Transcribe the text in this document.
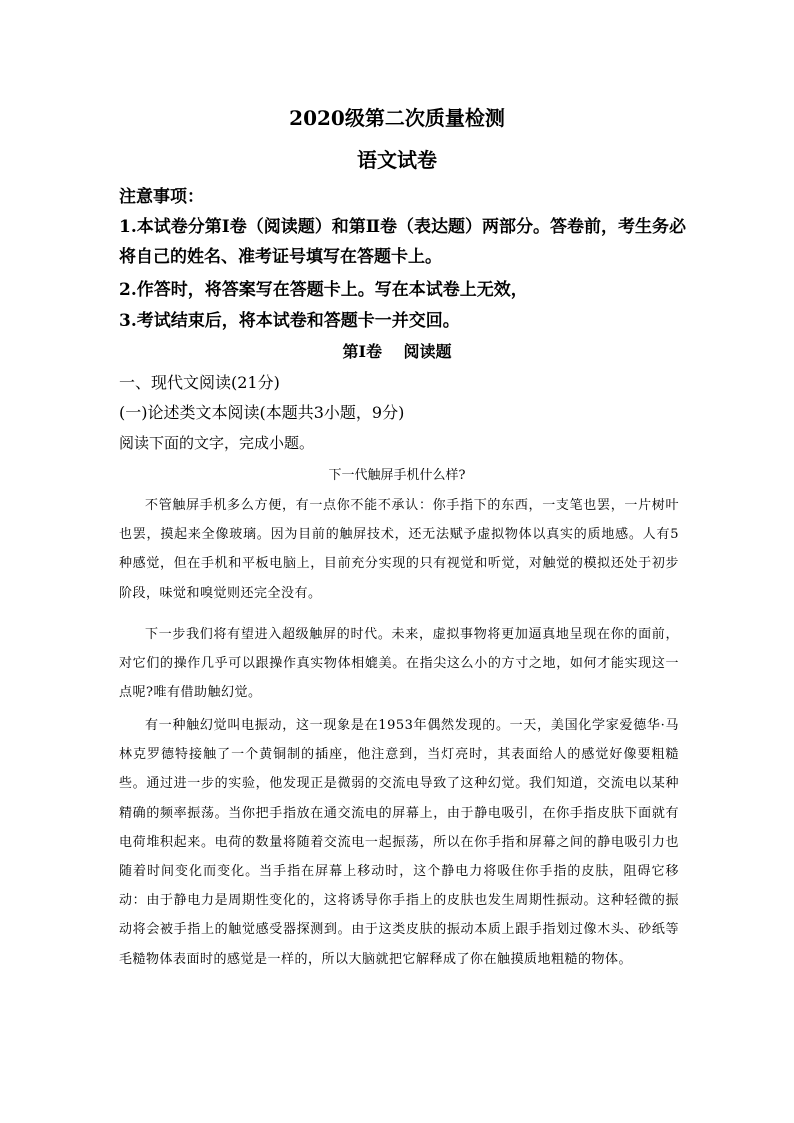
2020级第二次质量检测
语文试卷
注意事项：
1.本试卷分第Ⅰ卷（阅读题）和第Ⅱ卷（表达题）两部分。答卷前，考生务必
将自己的姓名、准考证号填写在答题卡上。
2.作答时，将答案写在答题卡上。写在本试卷上无效，
3.考试结束后，将本试卷和答题卡一并交回。
第Ⅰ卷　 阅读题
一、现代文阅读(21分)
(一)论述类文本阅读(本题共3小题，9分)
阅读下面的文字，完成小题。
下一代触屏手机什么样?

不管触屏手机多么方便，有一点你不能不承认：你手指下的东西，一支笔也罢，一片树叶也罢，摸起来全像玻璃。因为目前的触屏技术，还无法赋予虚拟物体以真实的质地感。人有5种感觉，但在手机和平板电脑上，目前充分实现的只有视觉和听觉，对触觉的模拟还处于初步阶段，味觉和嗅觉则还完全没有。

下一步我们将有望进入超级触屏的时代。未来，虚拟事物将更加逼真地呈现在你的面前，对它们的操作几乎可以跟操作真实物体相媲美。在指尖这么小的方寸之地，如何才能实现这一点呢?唯有借助触幻觉。

有一种触幻觉叫电振动，这一现象是在1953年偶然发现的。一天，美国化学家爱德华·马林克罗德特接触了一个黄铜制的插座，他注意到，当灯亮时，其表面给人的感觉好像要粗糙些。通过进一步的实验，他发现正是微弱的交流电导致了这种幻觉。我们知道，交流电以某种精确的频率振荡。当你把手指放在通交流电的屏幕上，由于静电吸引，在你手指皮肤下面就有电荷堆积起来。电荷的数量将随着交流电一起振荡，所以在你手指和屏幕之间的静电吸引力也随着时间变化而变化。当手指在屏幕上移动时，这个静电力将吸住你手指的皮肤，阻碍它移动：由于静电力是周期性变化的，这将诱导你手指上的皮肤也发生周期性振动。这种轻微的振动将会被手指上的触觉感受器探测到。由于这类皮肤的振动本质上跟手指划过像木头、砂纸等毛糙物体表面时的感觉是一样的，所以大脑就把它解释成了你在触摸质地粗糙的物体。
